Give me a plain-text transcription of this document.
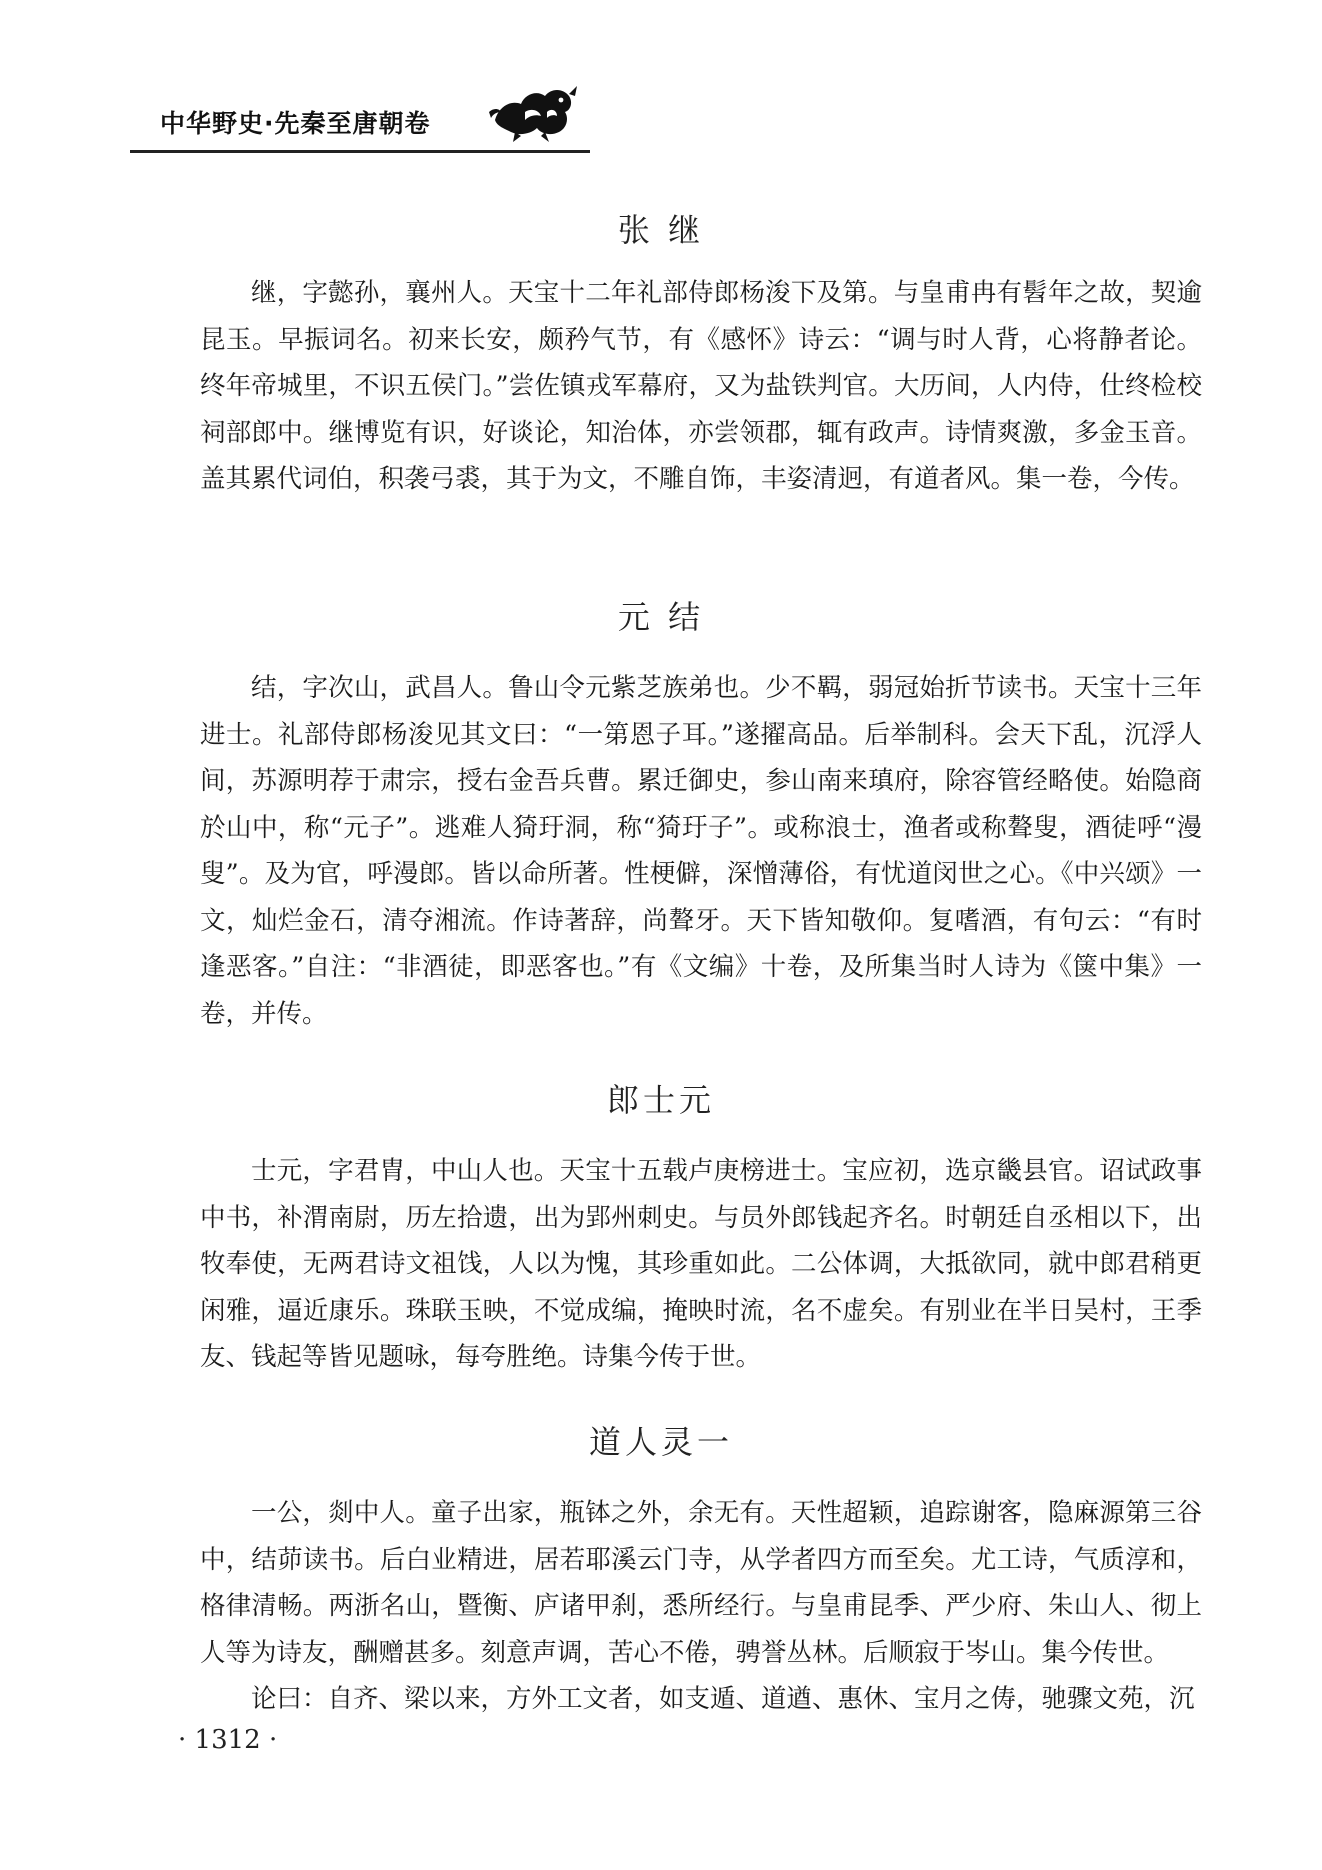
中华野史·先秦至唐朝卷
张 继
继，字懿孙，襄州人。天宝十二年礼部侍郎杨浚下及第。与皇甫冉有髫年之故，契逾昆玉。早振词名。初来长安，颇矜气节，有《感怀》诗云：“调与时人背，心将静者论。终年帝城里，不识五侯门。”尝佐镇戎军幕府，又为盐铁判官。大历间，人内侍，仕终检校祠部郎中。继博览有识，好谈论，知治体，亦尝领郡，辄有政声。诗情爽激，多金玉音。盖其累代词伯，积袭弓裘，其于为文，不雕自饰，丰姿清迥，有道者风。集一卷，今传。
元 结
结，字次山，武昌人。鲁山令元紫芝族弟也。少不羁，弱冠始折节读书。天宝十三年进士。礼部侍郎杨浚见其文曰：“一第恩子耳。”遂擢高品。后举制科。会天下乱，沉浮人间，苏源明荐于肃宗，授右金吾兵曹。累迁御史，参山南来瑱府，除容管经略使。始隐商於山中，称“元子”。逃难人猗玗洞，称“猗玗子”。或称浪士，渔者或称聱叟，酒徒呼“漫叟”。及为官，呼漫郎。皆以命所著。性梗僻，深憎薄俗，有忧道闵世之心。《中兴颂》一文，灿烂金石，清夺湘流。作诗著辞，尚聱牙。天下皆知敬仰。复嗜酒，有句云：“有时逢恶客。”自注：“非酒徒，即恶客也。”有《文编》十卷，及所集当时人诗为《箧中集》一卷，并传。
郎士元
士元，字君胄，中山人也。天宝十五载卢庚榜进士。宝应初，选京畿县官。诏试政事中书，补渭南尉，历左拾遗，出为郢州刺史。与员外郎钱起齐名。时朝廷自丞相以下，出牧奉使，无两君诗文祖饯，人以为愧，其珍重如此。二公体调，大抵欲同，就中郎君稍更闲雅，逼近康乐。珠联玉映，不觉成编，掩映时流，名不虚矣。有别业在半日吴村，王季友、钱起等皆见题咏，每夸胜绝。诗集今传于世。
道人灵一
一公，剡中人。童子出家，瓶钵之外，余无有。天性超颖，追踪谢客，隐麻源第三谷中，结茆读书。后白业精进，居若耶溪云门寺，从学者四方而至矣。尤工诗，气质淳和，格律清畅。两浙名山，暨衡、庐诸甲刹，悉所经行。与皇甫昆季、严少府、朱山人、彻上人等为诗友，酬赠甚多。刻意声调，苦心不倦，骋誉丛林。后顺寂于岑山。集今传世。
论曰：自齐、梁以来，方外工文者，如支遁、道遒、惠休、宝月之俦，驰骤文苑，沉
· 1312 ·
